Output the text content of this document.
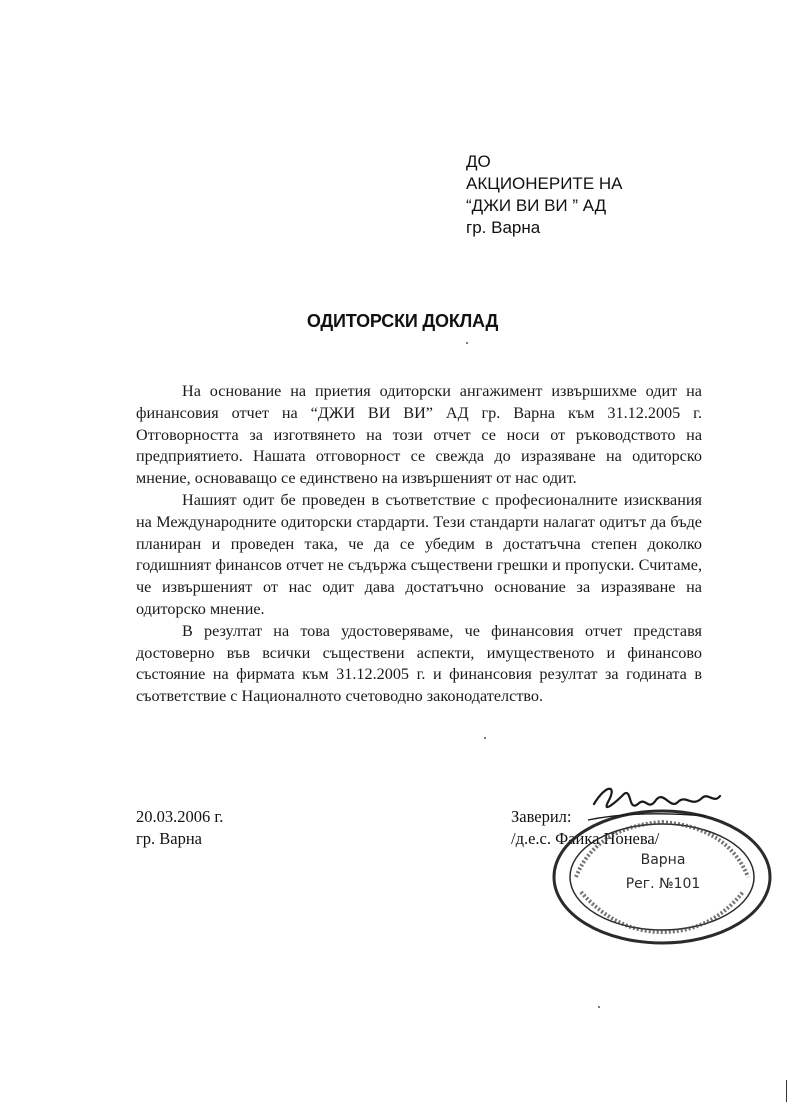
ДО
АКЦИОНЕРИТЕ НА
“ДЖИ ВИ ВИ ” АД
гр. Варна
ОДИТОРСКИ ДОКЛАД

На основание на приетия одиторски ангажимент извършихме одит на финансовия отчет на “ДЖИ ВИ ВИ” АД гр. Варна към 31.12.2005 г. Отговорността за изготвянето на този отчет се носи от ръководството на предприятието. Нашата отговорност се свежда до изразяване на одиторско мнение, основаващо се единствено на извършеният от нас одит.

Нашият одит бе проведен в съответствие с професионалните изисквания на Международните одиторски стардарти. Тези стандарти налагат одитът да бъде планиран и проведен така, че да се убедим в достатъчна степен доколко годишният финансов отчет не съдържа съществени грешки и пропуски. Считаме, че извършеният от нас одит дава достатъчно основание за изразяване на одиторско мнение.

В резултат на това удостоверяваме, че финансовия отчет представя достоверно във всички съществени аспекти, имущественото и финансово състояние на фирмата към 31.12.2005 г. и финансовия резултат за годината в съответствие с Националното счетоводно законодателство.

20.03.2006 г.
гр. Варна
Заверил:
/д.е.с. Фаика Нонева/
Варна
Рег. №101
